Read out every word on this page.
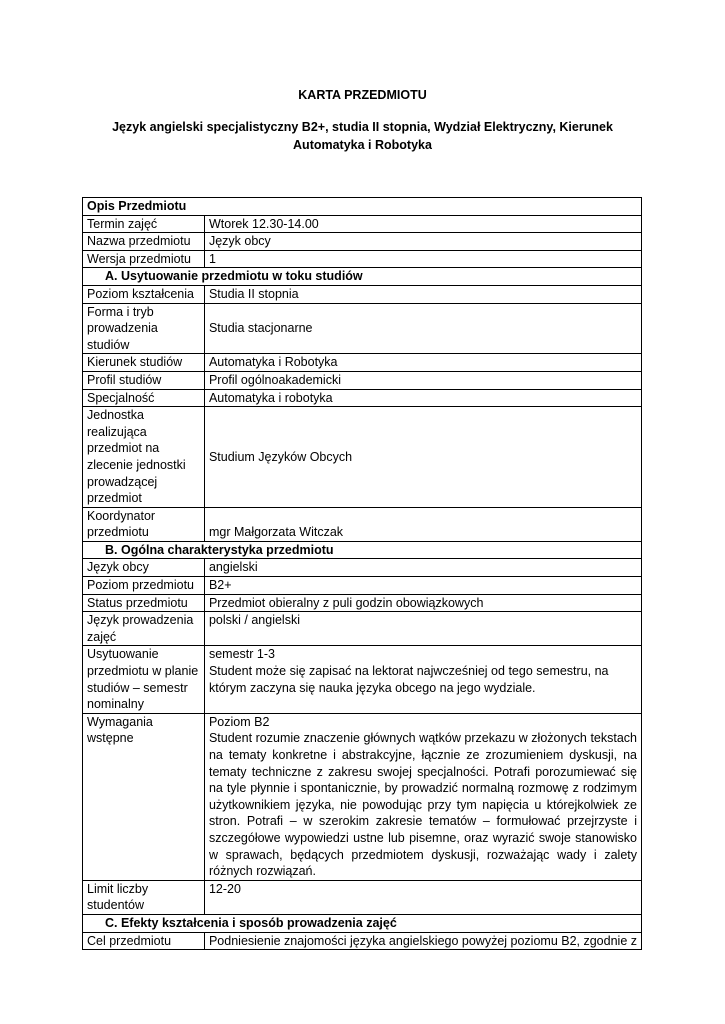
KARTA PRZEDMIOTU
Język angielski specjalistyczny B2+, studia II stopnia, Wydział Elektryczny, Kierunek Automatyka i Robotyka
Opis Przedmiotu	
Termin zajęć	Wtorek 12.30-14.00
Nazwa przedmiotu	Język obcy
Wersja przedmiotu	1
A. Usytuowanie przedmiotu w toku studiów	
Poziom kształcenia	Studia II stopnia
Forma i tryb prowadzenia studiów	Studia stacjonarne
Kierunek studiów	Automatyka i Robotyka
Profil studiów	Profil ogólnoakademicki
Specjalność	Automatyka i robotyka
Jednostka realizująca przedmiot na zlecenie jednostki prowadzącej przedmiot	Studium Języków Obcych
Koordynator przedmiotu	mgr Małgorzata Witczak
B. Ogólna charakterystyka przedmiotu	
Język obcy	angielski
Poziom przedmiotu	B2+
Status przedmiotu	Przedmiot obieralny z puli godzin obowiązkowych
Język prowadzenia zajęć	polski / angielski
Usytuowanie przedmiotu w planie studiów – semestr nominalny	semestr 1-3
Student może się zapisać na lektorat najwcześniej od tego semestru, na którym zaczyna się nauka języka obcego na jego wydziale.

Wymagania wstępne	Poziom B2
Student rozumie znaczenie głównych wątków przekazu w złożonych tekstach na tematy konkretne i abstrakcyjne, łącznie ze zrozumieniem dyskusji, na tematy techniczne z zakresu swojej specjalności. Potrafi porozumiewać się na tyle płynnie i spontanicznie, by prowadzić normalną rozmowę z rodzimym użytkownikiem języka, nie powodując przy tym napięcia u którejkolwiek ze stron. Potrafi – w szerokim zakresie tematów – formułować przejrzyste i szczegółowe wypowiedzi ustne lub pisemne, oraz wyrazić swoje stanowisko w sprawach, będących przedmiotem dyskusji, rozważając wady i zalety różnych rozwiązań.

Limit liczby studentów	12-20
C. Efekty kształcenia i sposób prowadzenia zajęć	
Cel przedmiotu	Podniesienie znajomości języka angielskiego powyżej poziomu B2, zgodnie z
